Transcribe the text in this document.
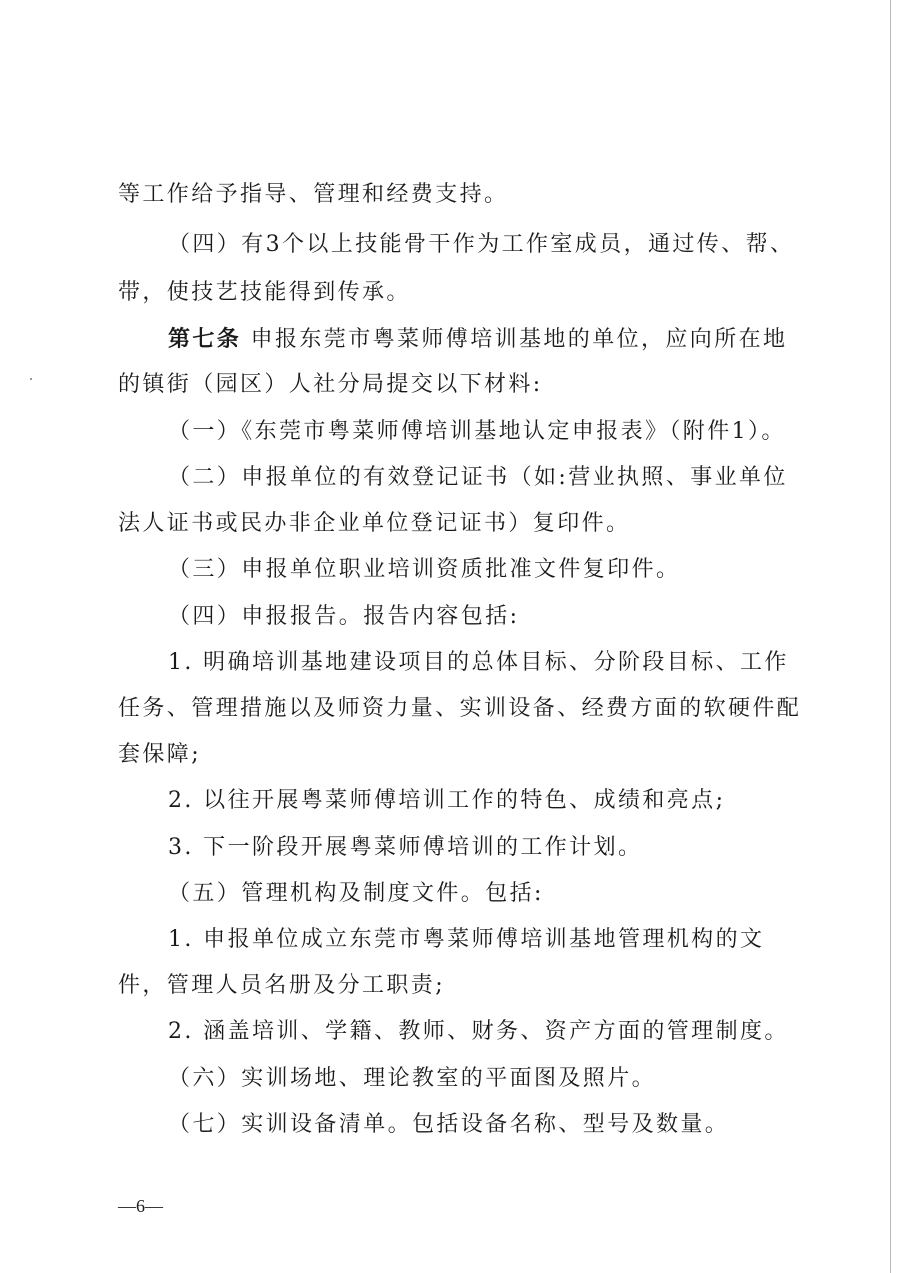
等工作给予指导、管理和经费支持。
（四）有3个以上技能骨干作为工作室成员，通过传、帮、
带，使技艺技能得到传承。
第七条 申报东莞市粤菜师傅培训基地的单位，应向所在地
的镇街（园区）人社分局提交以下材料:
（一）《东莞市粤菜师傅培训基地认定申报表》（附件1）。
（二）申报单位的有效登记证书（如:营业执照、事业单位
法人证书或民办非企业单位登记证书）复印件。
（三）申报单位职业培训资质批准文件复印件。
（四）申报报告。报告内容包括:
1. 明确培训基地建设项目的总体目标、分阶段目标、工作
任务、管理措施以及师资力量、实训设备、经费方面的软硬件配
套保障;
2. 以往开展粤菜师傅培训工作的特色、成绩和亮点;
3. 下一阶段开展粤菜师傅培训的工作计划。
（五）管理机构及制度文件。包括:
1. 申报单位成立东莞市粤菜师傅培训基地管理机构的文
件，管理人员名册及分工职责;
2. 涵盖培训、学籍、教师、财务、资产方面的管理制度。
（六）实训场地、理论教室的平面图及照片。
（七）实训设备清单。包括设备名称、型号及数量。
—6—
